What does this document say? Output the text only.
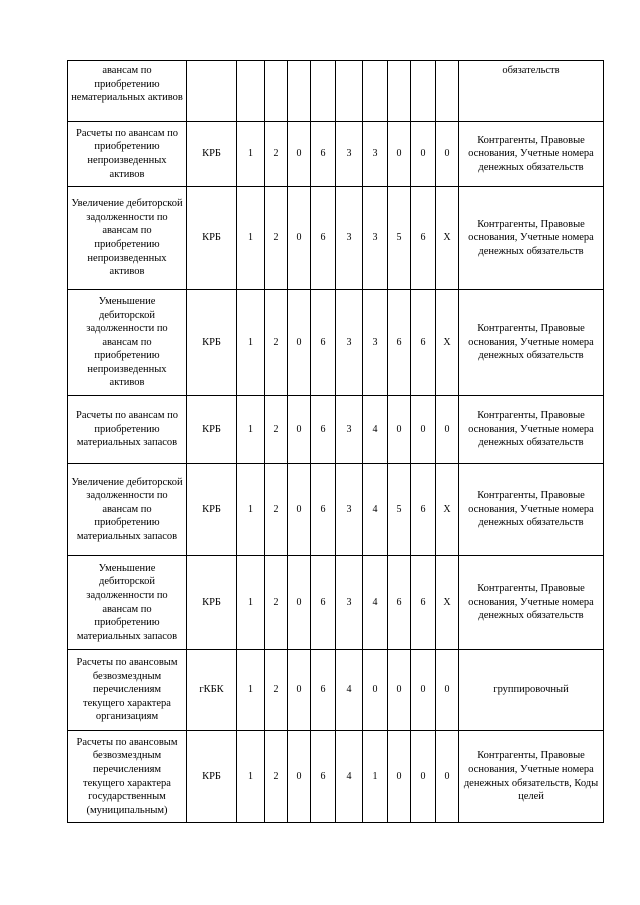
авансам по приобретению нематериальных активов											обязательств
Расчеты по авансам по приобретению непроизведенных активов	КРБ	1	2	0	6	3	3	0	0	0	Контрагенты, Правовые основания, Учетные номера денежных обязательств
Увеличение дебиторской задолженности по авансам по приобретению непроизведенных активов	КРБ	1	2	0	6	3	3	5	6	X	Контрагенты, Правовые основания, Учетные номера денежных обязательств
Уменьшение дебиторской задолженности по авансам по приобретению непроизведенных активов	КРБ	1	2	0	6	3	3	6	6	X	Контрагенты, Правовые основания, Учетные номера денежных обязательств
Расчеты по авансам по приобретению материальных запасов	КРБ	1	2	0	6	3	4	0	0	0	Контрагенты, Правовые основания, Учетные номера денежных обязательств
Увеличение дебиторской задолженности по авансам по приобретению материальных запасов	КРБ	1	2	0	6	3	4	5	6	X	Контрагенты, Правовые основания, Учетные номера денежных обязательств
Уменьшение дебиторской задолженности по авансам по приобретению материальных запасов	КРБ	1	2	0	6	3	4	6	6	X	Контрагенты, Правовые основания, Учетные номера денежных обязательств
Расчеты по авансовым безвозмездным перечислениям текущего характера организациям	гКБК	1	2	0	6	4	0	0	0	0	группировочный
Расчеты по авансовым безвозмездным перечислениям текущего характера государственным (муниципальным)	КРБ	1	2	0	6	4	1	0	0	0	Контрагенты, Правовые основания, Учетные номера денежных обязательств, Коды целей
